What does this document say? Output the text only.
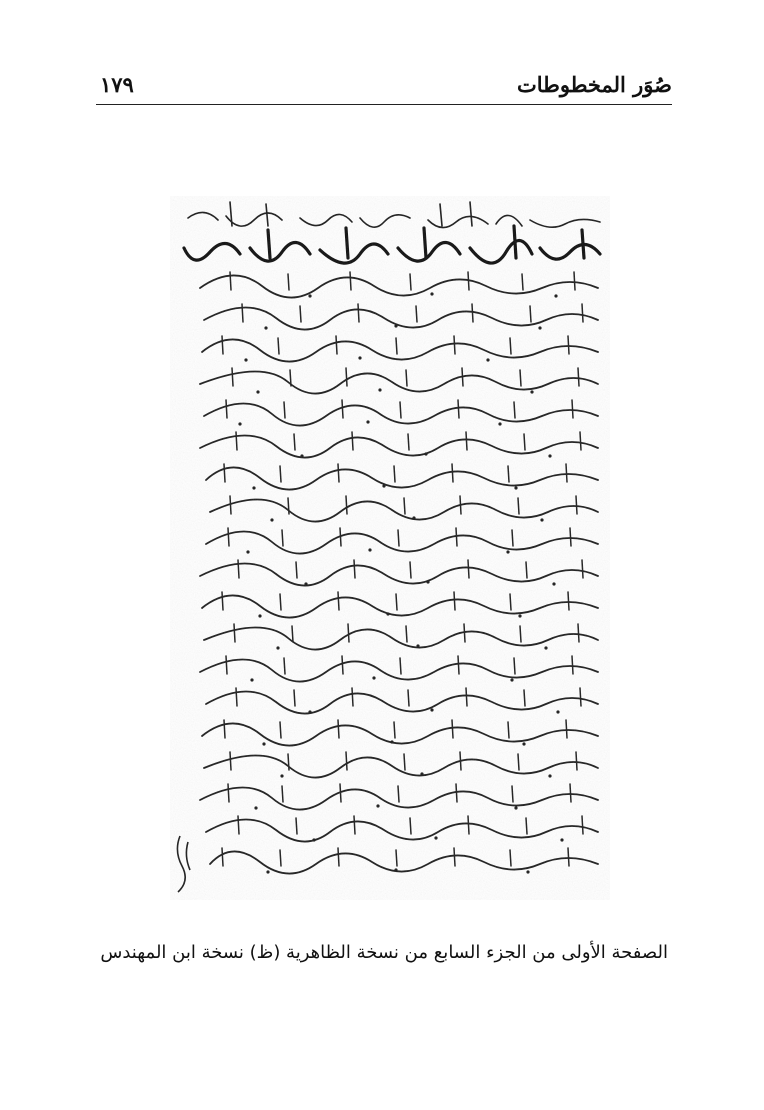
صُوَر المخطوطات
١٧٩
الصفحة الأولى من الجزء السابع من نسخة الظاهرية (ظ) نسخة ابن المهندس
